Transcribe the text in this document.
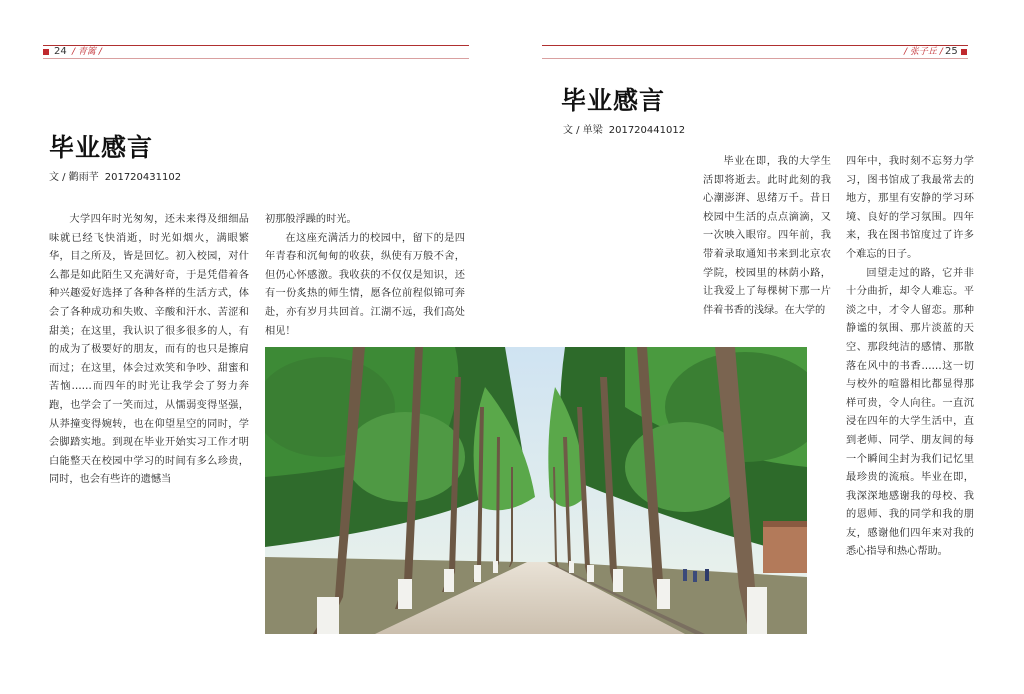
24 / 青篱 /	/ 张子丘 / 25
毕业感言
文 / 鹳雨芊 201720431102

大学四年时光匆匆，还未来得及细细品味就已经飞快消逝，时光如烟火，满眼繁华，目之所及，皆是回忆。初入校园，对什么都是如此陌生又充满好奇，于是凭借着各种兴趣爱好选择了各种各样的生活方式，体会了各种成功和失败、辛酸和汗水、苦涩和甜美；在这里，我认识了很多很多的人，有的成为了极要好的朋友，而有的也只是擦肩而过；在这里，体会过欢笑和争吵、甜蜜和苦恼……而四年的时光让我学会了努力奔跑，也学会了一笑而过，从懦弱变得坚强，从莽撞变得婉转，也在仰望星空的同时，学会脚踏实地。到现在毕业开始实习工作才明白能整天在校园中学习的时间有多么珍贵，同时，也会有些许的遗憾当

初那般浮躁的时光。

在这座充满活力的校园中，留下的是四年青春和沉甸甸的收获，纵使有万般不舍，但仍心怀感激。我收获的不仅仅是知识，还有一份炙热的师生情，愿各位前程似锦可奔赴，亦有岁月共回首。江湖不远，我们高处相见！

毕业感言
文 / 单梁 201720441012

毕业在即，我的大学生活即将逝去。此时此刻的我心潮澎湃、思绪万千。昔日校园中生活的点点滴滴，又一次映入眼帘。四年前，我带着录取通知书来到北京农学院，校园里的林荫小路，让我爱上了每棵树下那一片伴着书香的浅绿。在大学的

四年中，我时刻不忘努力学习，图书馆成了我最常去的地方，那里有安静的学习环境、良好的学习氛围。四年来，我在图书馆度过了许多个难忘的日子。

回望走过的路，它并非十分曲折，却令人难忘。平淡之中，才令人留恋。那种静谧的氛围、那片淡蓝的天空、那段纯洁的感情、那散落在风中的书香……这一切与校外的喧嚣相比都显得那样可贵，令人向往。一直沉浸在四年的大学生活中，直到老师、同学、朋友间的每一个瞬间尘封为我们记忆里最珍贵的流痕。毕业在即，我深深地感谢我的母校、我的恩师、我的同学和我的朋友，感谢他们四年来对我的悉心指导和热心帮助。
